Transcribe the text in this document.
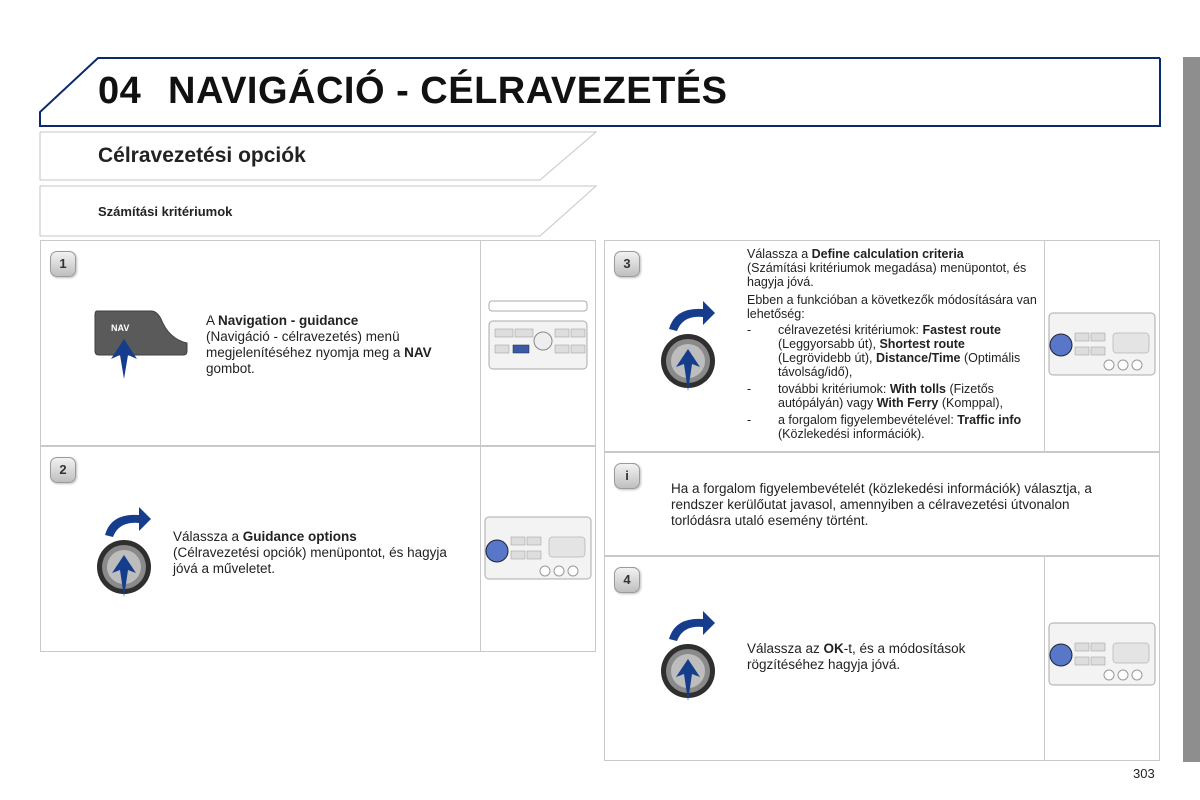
04 NAVIGÁCIÓ - CÉLRAVEZETÉS
Célravezetési opciók
Számítási kritériumok
1
NAV	A Navigation - guidance
(Navigáció - célravezetés) menü megjelenítéséhez nyomja meg a NAV gombot.
2
Válassza a Guidance options
(Célravezetési opciók) menüpontot, és hagyja jóvá a műveletet.
3
Válassza a Define calculation criteria
(Számítási kritériumok megadása) menüpontot, és hagyja jóvá.
Ebben a funkcióban a következők módosítására van lehetőség:
- célravezetési kritériumok: Fastest route (Leggyorsabb út), Shortest route (Legrövidebb út), Distance/Time (Optimális távolság/idő),
- további kritériumok: With tolls (Fizetős autópályán) vagy With Ferry (Komppal),
- a forgalom figyelembevételével: Traffic info (Közlekedési információk).
i
Ha a forgalom figyelembevételét (közlekedési információk) választja, a rendszer kerülőutat javasol, amennyiben a célravezetési útvonalon torlódásra utaló esemény történt.
4
Válassza az OK-t, és a módosítások rögzítéséhez hagyja jóvá.
303
